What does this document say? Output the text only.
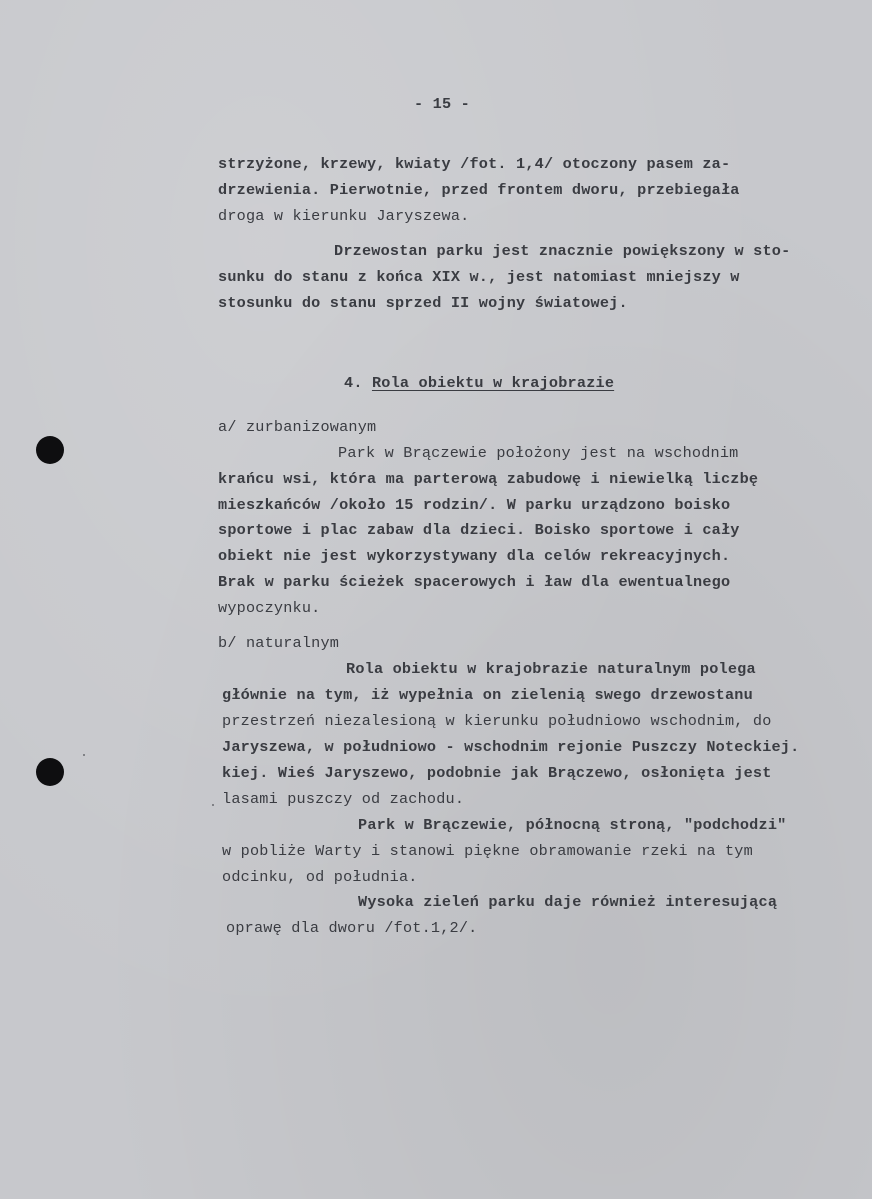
- 15 -
strzyżone, krzewy, kwiaty /fot. 1,4/ otoczony pasem za-
drzewienia. Pierwotnie, przed frontem dworu, przebiegała
droga w kierunku Jaryszewa.
Drzewostan parku jest znacznie powiększony w sto-
sunku do stanu z końca XIX w., jest natomiast mniejszy w
stosunku do stanu sprzed II wojny światowej.
4. Rola obiektu w krajobrazie
a/ zurbanizowanym
Park w Brączewie położony jest na wschodnim
krańcu wsi, która ma parterową zabudowę i niewielką liczbę
mieszkańców /około 15 rodzin/. W parku urządzono boisko
sportowe i plac zabaw dla dzieci. Boisko sportowe i cały
obiekt nie jest wykorzystywany dla celów rekreacyjnych.
Brak w parku ścieżek spacerowych i ław dla ewentualnego
wypoczynku.
b/ naturalnym
Rola obiektu w krajobrazie naturalnym polega
głównie na tym, iż wypełnia on zielenią swego drzewostanu
przestrzeń niezalesioną w kierunku południowo wschodnim, do
Jaryszewa, w południowo - wschodnim rejonie Puszczy Noteckiej.
kiej. Wieś Jaryszewo, podobnie jak Brączewo, osłonięta jest
lasami puszczy od zachodu.
Park w Brączewie, północną stroną, "podchodzi"
w pobliże Warty i stanowi piękne obramowanie rzeki na tym
odcinku, od południa.
Wysoka zieleń parku daje również interesującą
oprawę dla dworu /fot.1,2/.
